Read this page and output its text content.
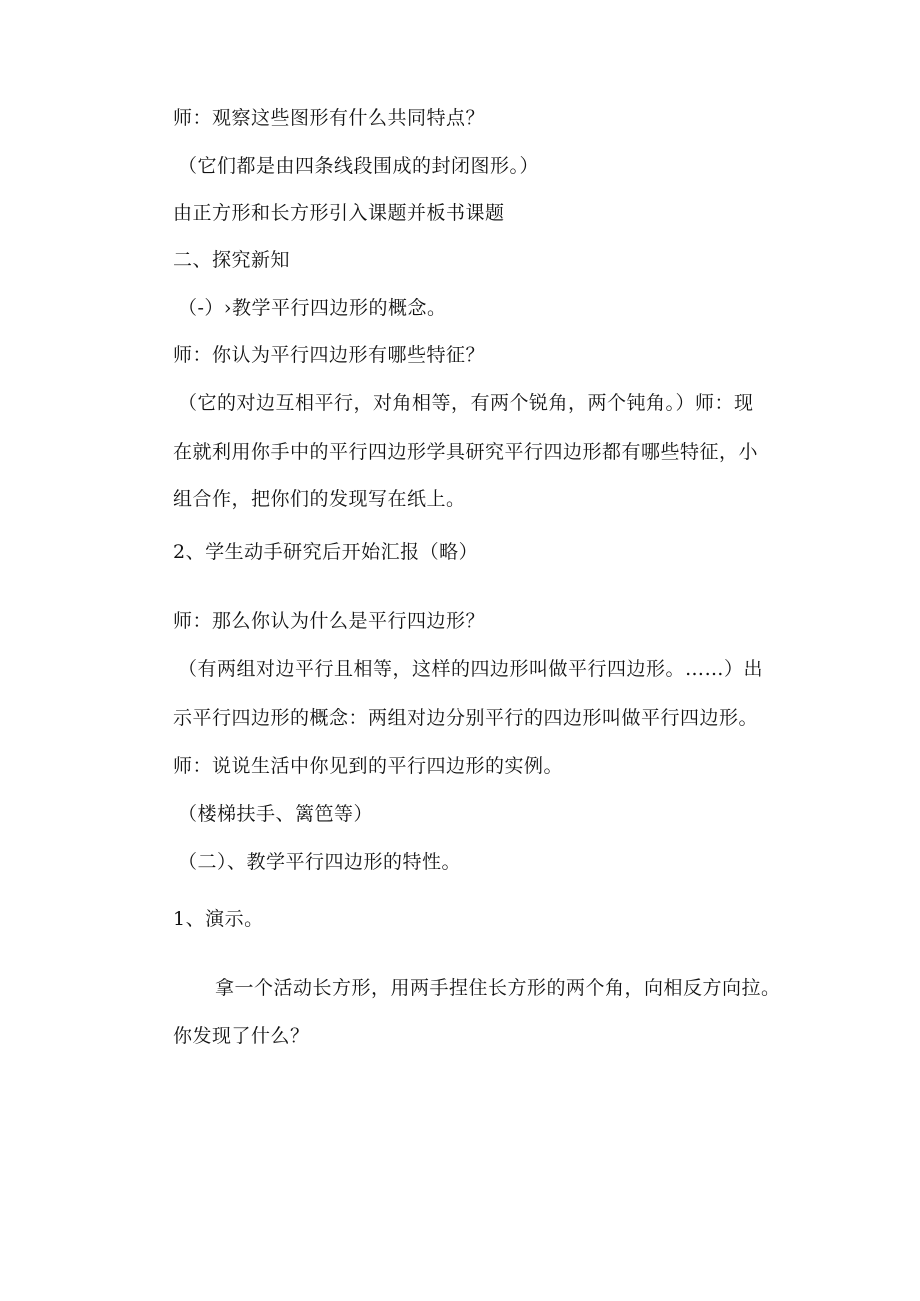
师：观察这些图形有什么共同特点？
（它们都是由四条线段围成的封闭图形。）
由正方形和长方形引入课题并板书课题
二、探究新知
（-）›教学平行四边形的概念。
师：你认为平行四边形有哪些特征？
（它的对边互相平行，对角相等，有两个锐角，两个钝角。）师：现
在就利用你手中的平行四边形学具研究平行四边形都有哪些特征，小
组合作，把你们的发现写在纸上。
2、学生动手研究后开始汇报（略）
师：那么你认为什么是平行四边形？
（有两组对边平行且相等，这样的四边形叫做平行四边形。……）出
示平行四边形的概念：两组对边分别平行的四边形叫做平行四边形。
师：说说生活中你见到的平行四边形的实例。
（楼梯扶手、篱笆等）
（二）、教学平行四边形的特性。
1、演示。
拿一个活动长方形，用两手捏住长方形的两个角，向相反方向拉。
你发现了什么？
